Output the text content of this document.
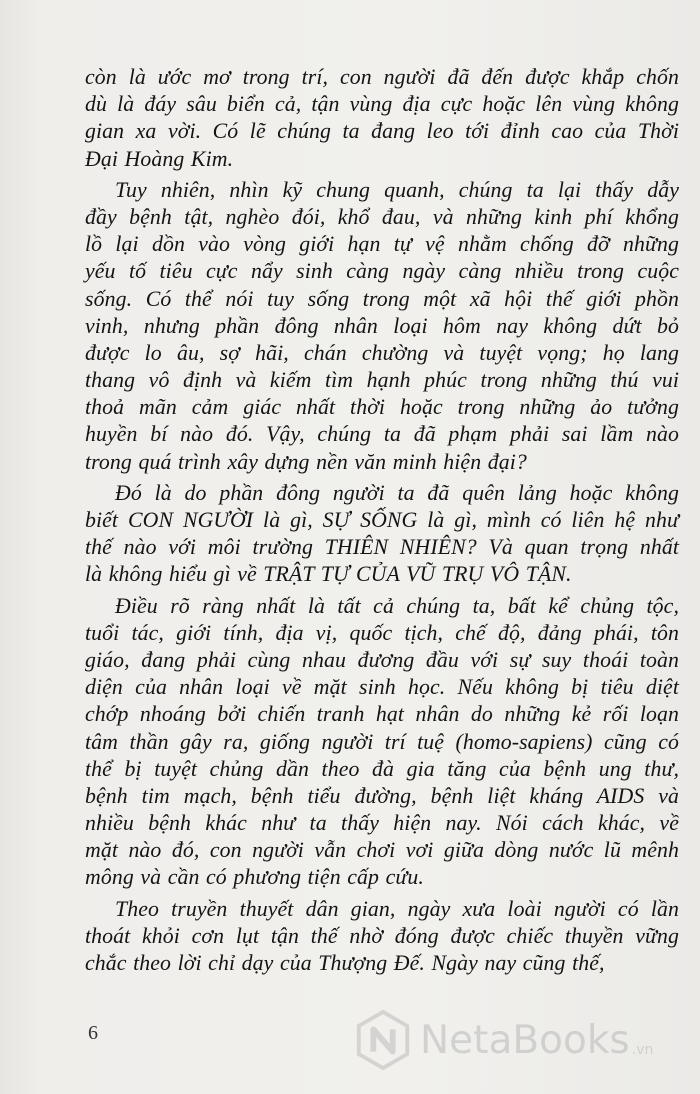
còn là ước mơ trong trí, con người đã đến được khắp chốn
dù là đáy sâu biển cả, tận vùng địa cực hoặc lên vùng không
gian xa vời. Có lẽ chúng ta đang leo tới đỉnh cao của Thời
Đại Hoàng Kim.
Tuy nhiên, nhìn kỹ chung quanh, chúng ta lại thấy dẫy
đầy bệnh tật, nghèo đói, khổ đau, và những kinh phí khổng
lồ lại dồn vào vòng giới hạn tự vệ nhằm chống đỡ những
yếu tố tiêu cực nẩy sinh càng ngày càng nhiều trong cuộc
sống. Có thể nói tuy sống trong một xã hội thế giới phồn
vinh, nhưng phần đông nhân loại hôm nay không dứt bỏ
được lo âu, sợ hãi, chán chường và tuyệt vọng; họ lang
thang vô định và kiếm tìm hạnh phúc trong những thú vui
thoả mãn cảm giác nhất thời hoặc trong những ảo tưởng
huyền bí nào đó. Vậy, chúng ta đã phạm phải sai lầm nào
trong quá trình xây dựng nền văn minh hiện đại?
Đó là do phần đông người ta đã quên lảng hoặc không
biết CON NGƯỜI là gì, SỰ SỐNG là gì, mình có liên hệ như
thế nào với môi trường THIÊN NHIÊN? Và quan trọng nhất
là không hiểu gì về TRẬT TỰ CỦA VŨ TRỤ VÔ TẬN.
Điều rõ ràng nhất là tất cả chúng ta, bất kể chủng tộc,
tuổi tác, giới tính, địa vị, quốc tịch, chế độ, đảng phái, tôn
giáo, đang phải cùng nhau đương đầu với sự suy thoái toàn
diện của nhân loại về mặt sinh học. Nếu không bị tiêu diệt
chớp nhoáng bởi chiến tranh hạt nhân do những kẻ rối loạn
tâm thần gây ra, giống người trí tuệ (homo-sapiens) cũng có
thể bị tuyệt chủng dần theo đà gia tăng của bệnh ung thư,
bệnh tim mạch, bệnh tiểu đường, bệnh liệt kháng AIDS và
nhiều bệnh khác như ta thấy hiện nay. Nói cách khác, về
mặt nào đó, con người vẫn chơi vơi giữa dòng nước lũ mênh
mông và cần có phương tiện cấp cứu.
Theo truyền thuyết dân gian, ngày xưa loài người có lần
thoát khỏi cơn lụt tận thế nhờ đóng được chiếc thuyền vững
chắc theo lời chỉ dạy của Thượng Đế. Ngày nay cũng thế,
6	NetaBooks .vn
